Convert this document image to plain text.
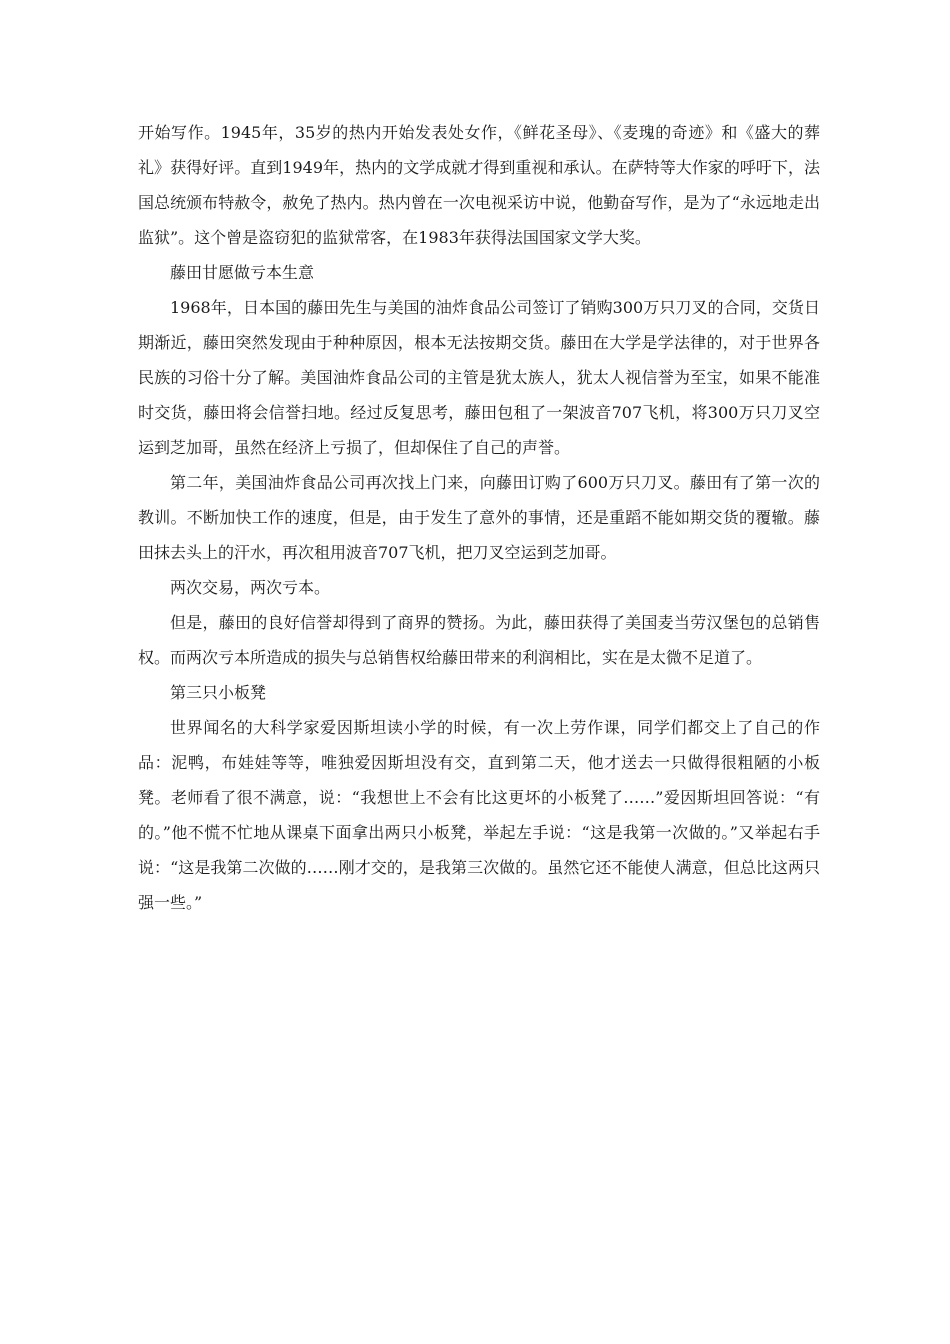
开始写作。1945年，35岁的热内开始发表处女作，《鲜花圣母》、《麦瑰的奇迹》和《盛大的葬礼》获得好评。直到1949年，热内的文学成就才得到重视和承认。在萨特等大作家的呼吁下，法国总统颁布特赦令，赦免了热内。热内曾在一次电视采访中说，他勤奋写作，是为了“永远地走出监狱”。这个曾是盗窃犯的监狱常客，在1983年获得法国国家文学大奖。

藤田甘愿做亏本生意

1968年，日本国的藤田先生与美国的油炸食品公司签订了销购300万只刀叉的合同，交货日期渐近，藤田突然发现由于种种原因，根本无法按期交货。藤田在大学是学法律的，对于世界各民族的习俗十分了解。美国油炸食品公司的主管是犹太族人，犹太人视信誉为至宝，如果不能准时交货，藤田将会信誉扫地。经过反复思考，藤田包租了一架波音707飞机，将300万只刀叉空运到芝加哥，虽然在经济上亏损了，但却保住了自己的声誉。

第二年，美国油炸食品公司再次找上门来，向藤田订购了600万只刀叉。藤田有了第一次的教训。不断加快工作的速度，但是，由于发生了意外的事情，还是重蹈不能如期交货的覆辙。藤田抹去头上的汗水，再次租用波音707飞机，把刀叉空运到芝加哥。

两次交易，两次亏本。

但是，藤田的良好信誉却得到了商界的赞扬。为此，藤田获得了美国麦当劳汉堡包的总销售权。而两次亏本所造成的损失与总销售权给藤田带来的利润相比，实在是太微不足道了。

第三只小板凳

世界闻名的大科学家爱因斯坦读小学的时候，有一次上劳作课，同学们都交上了自己的作品：泥鸭，布娃娃等等，唯独爱因斯坦没有交，直到第二天，他才送去一只做得很粗陋的小板凳。老师看了很不满意，说：“我想世上不会有比这更坏的小板凳了……”爱因斯坦回答说：“有的。”他不慌不忙地从课桌下面拿出两只小板凳，举起左手说：“这是我第一次做的。”又举起右手说：“这是我第二次做的……刚才交的，是我第三次做的。虽然它还不能使人满意，但总比这两只强一些。”
